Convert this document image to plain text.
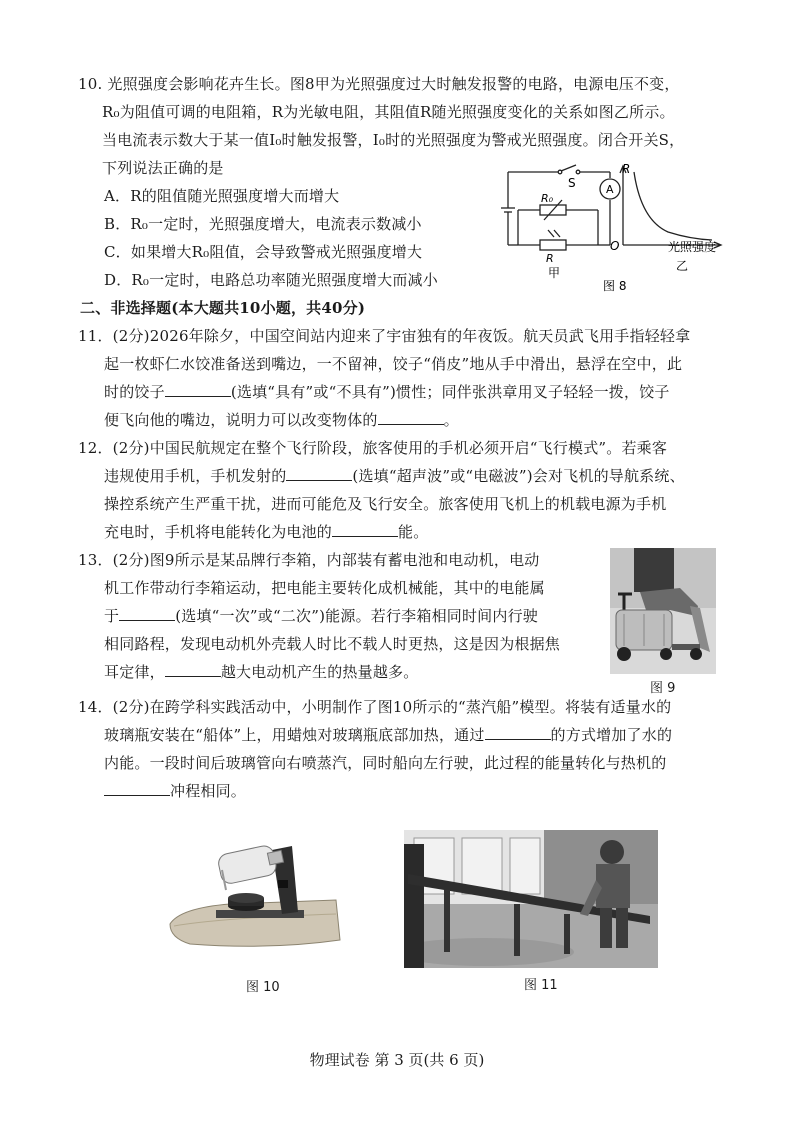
10. 光照强度会影响花卉生长。图8甲为光照强度过大时触发报警的电路，电源电压不变，
R₀为阻值可调的电阻箱，R为光敏电阻，其阻值R随光照强度变化的关系如图乙所示。
当电流表示数大于某一值I₀时触发报警，I₀时的光照强度为警戒光照强度。闭合开关S，
下列说法正确的是
A．R的阻值随光照强度增大而增大
B．R₀一定时，光照强度增大，电流表示数减小
C．如果增大R₀阻值，会导致警戒光照强度增大
D．R₀一定时，电路总功率随光照强度增大而减小
S	A
R₀
R
甲
R
O	光照强度
乙
图 8
二、非选择题(本大题共10小题，共40分)
11．(2分)2026年除夕，中国空间站内迎来了宇宙独有的年夜饭。航天员武飞用手指轻轻拿
起一枚虾仁水饺准备送到嘴边，一不留神，饺子“俏皮”地从手中滑出，悬浮在空中，此
时的饺子	(选填“具有”或“不具有”)惯性；同伴张洪章用叉子轻轻一拨，饺子
便飞向他的嘴边，说明力可以改变物体的	。
12．(2分)中国民航规定在整个飞行阶段，旅客使用的手机必须开启“飞行模式”。若乘客
违规使用手机，手机发射的	(选填“超声波”或“电磁波”)会对飞机的导航系统、
操控系统产生严重干扰，进而可能危及飞行安全。旅客使用飞机上的机载电源为手机
充电时，手机将电能转化为电池的	能。
13．(2分)图9所示是某品牌行李箱，内部装有蓄电池和电动机，电动
机工作带动行李箱运动，把电能主要转化成机械能，其中的电能属
于	(选填“一次”或“二次”)能源。若行李箱相同时间内行驶
相同路程，发现电动机外壳载人时比不载人时更热，这是因为根据焦
耳定律，	越大电动机产生的热量越多。
图 9
14．(2分)在跨学科实践活动中，小明制作了图10所示的“蒸汽船”模型。将装有适量水的
玻璃瓶安装在“船体”上，用蜡烛对玻璃瓶底部加热，通过	的方式增加了水的
内能。一段时间后玻璃管向右喷蒸汽，同时船向左行驶，此过程的能量转化与热机的
冲程相同。
图 10	图 11
物理试卷 第 3 页(共 6 页)
